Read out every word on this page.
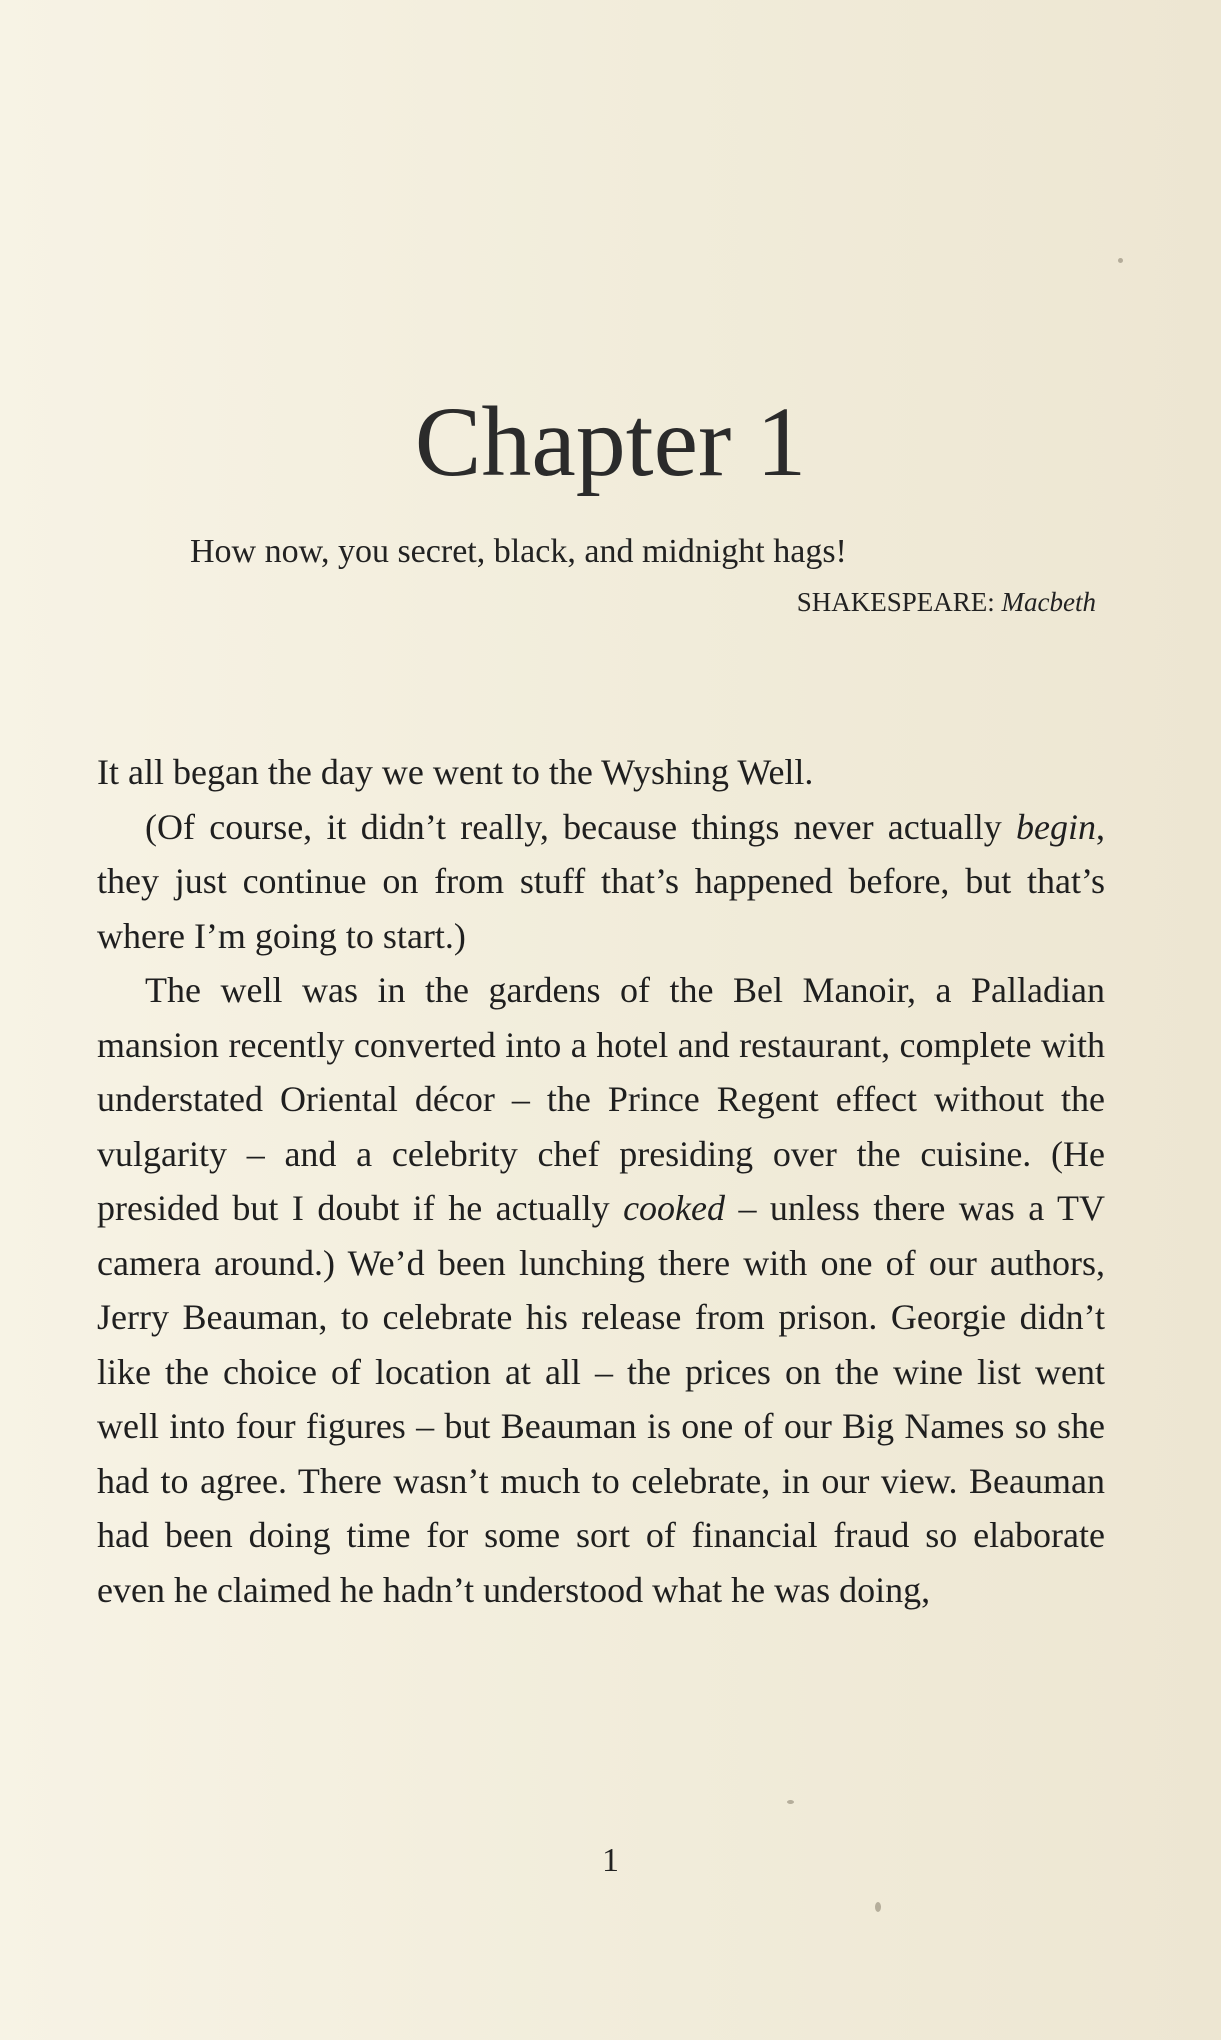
Chapter 1
How now, you secret, black, and midnight hags!
SHAKESPEARE: Macbeth

It all began the day we went to the Wyshing Well.

(Of course, it didn’t really, because things never actually begin, they just continue on from stuff that’s happened before, but that’s where I’m going to start.)

The well was in the gardens of the Bel Manoir, a Palladian mansion recently converted into a hotel and restaurant, complete with understated Oriental décor – the Prince Regent effect without the vulgarity – and a celebrity chef presiding over the cuisine. (He presided but I doubt if he actually cooked – unless there was a TV camera around.) We’d been lunching there with one of our authors, Jerry Beauman, to celebrate his release from prison. Georgie didn’t like the choice of location at all – the prices on the wine list went well into four figures – but Beauman is one of our Big Names so she had to agree. There wasn’t much to celebrate, in our view. Beauman had been doing time for some sort of financial fraud so elaborate even he claimed he hadn’t understood what he was doing,

1
